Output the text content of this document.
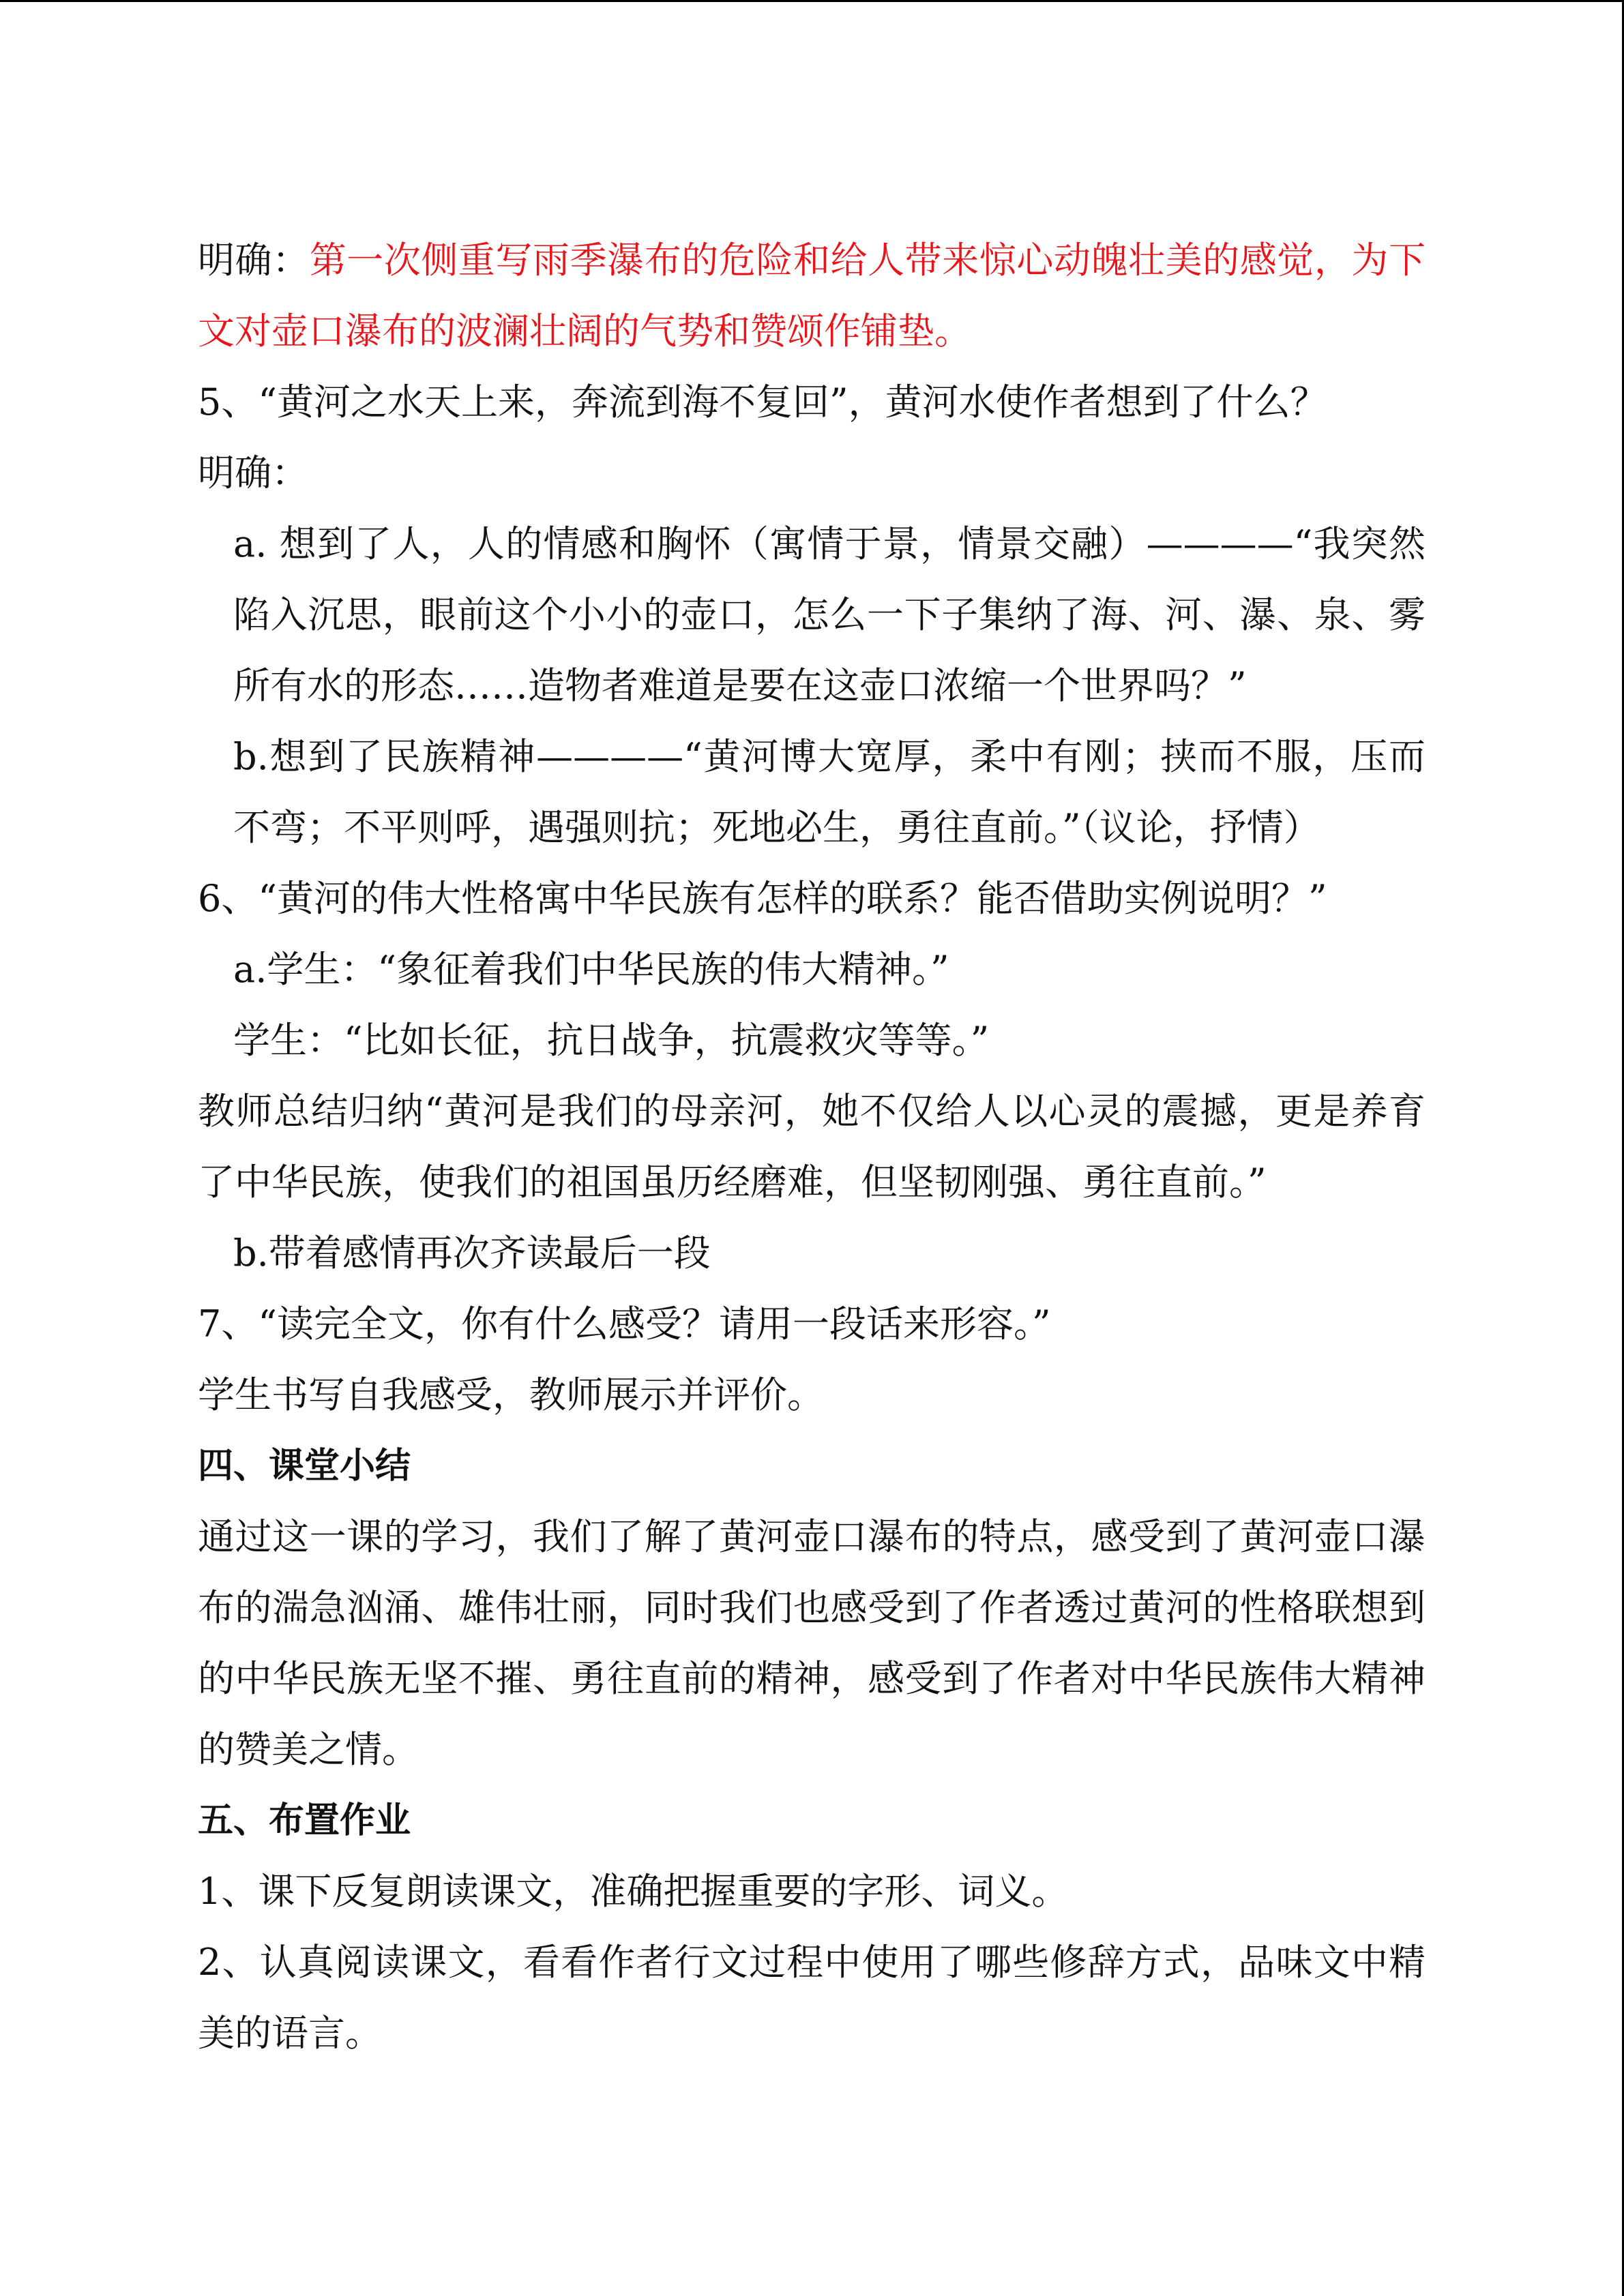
明确：第一次侧重写雨季瀑布的危险和给人带来惊心动魄壮美的感觉，为下文对壶口瀑布的波澜壮阔的气势和赞颂作铺垫。

5、“黄河之水天上来，奔流到海不复回”，黄河水使作者想到了什么？

明确：

a. 想到了人，人的情感和胸怀（寓情于景，情景交融）————“我突然陷入沉思，眼前这个小小的壶口，怎么一下子集纳了海、河、瀑、泉、雾所有水的形态……造物者难道是要在这壶口浓缩一个世界吗？”

b.想到了民族精神————“黄河博大宽厚，柔中有刚；挟而不服，压而不弯；不平则呼，遇强则抗；死地必生，勇往直前。”（议论，抒情）

6、“黄河的伟大性格寓中华民族有怎样的联系？能否借助实例说明？”

a.学生：“象征着我们中华民族的伟大精神。”

学生：“比如长征，抗日战争，抗震救灾等等。”

教师总结归纳“黄河是我们的母亲河，她不仅给人以心灵的震撼，更是养育了中华民族，使我们的祖国虽历经磨难，但坚韧刚强、勇往直前。”

b.带着感情再次齐读最后一段

7、“读完全文，你有什么感受？请用一段话来形容。”

学生书写自我感受，教师展示并评价。

四、课堂小结

通过这一课的学习，我们了解了黄河壶口瀑布的特点，感受到了黄河壶口瀑布的湍急汹涌、雄伟壮丽，同时我们也感受到了作者透过黄河的性格联想到的中华民族无坚不摧、勇往直前的精神，感受到了作者对中华民族伟大精神的赞美之情。

五、布置作业

1、课下反复朗读课文，准确把握重要的字形、词义。

2、认真阅读课文，看看作者行文过程中使用了哪些修辞方式，品味文中精美的语言。
